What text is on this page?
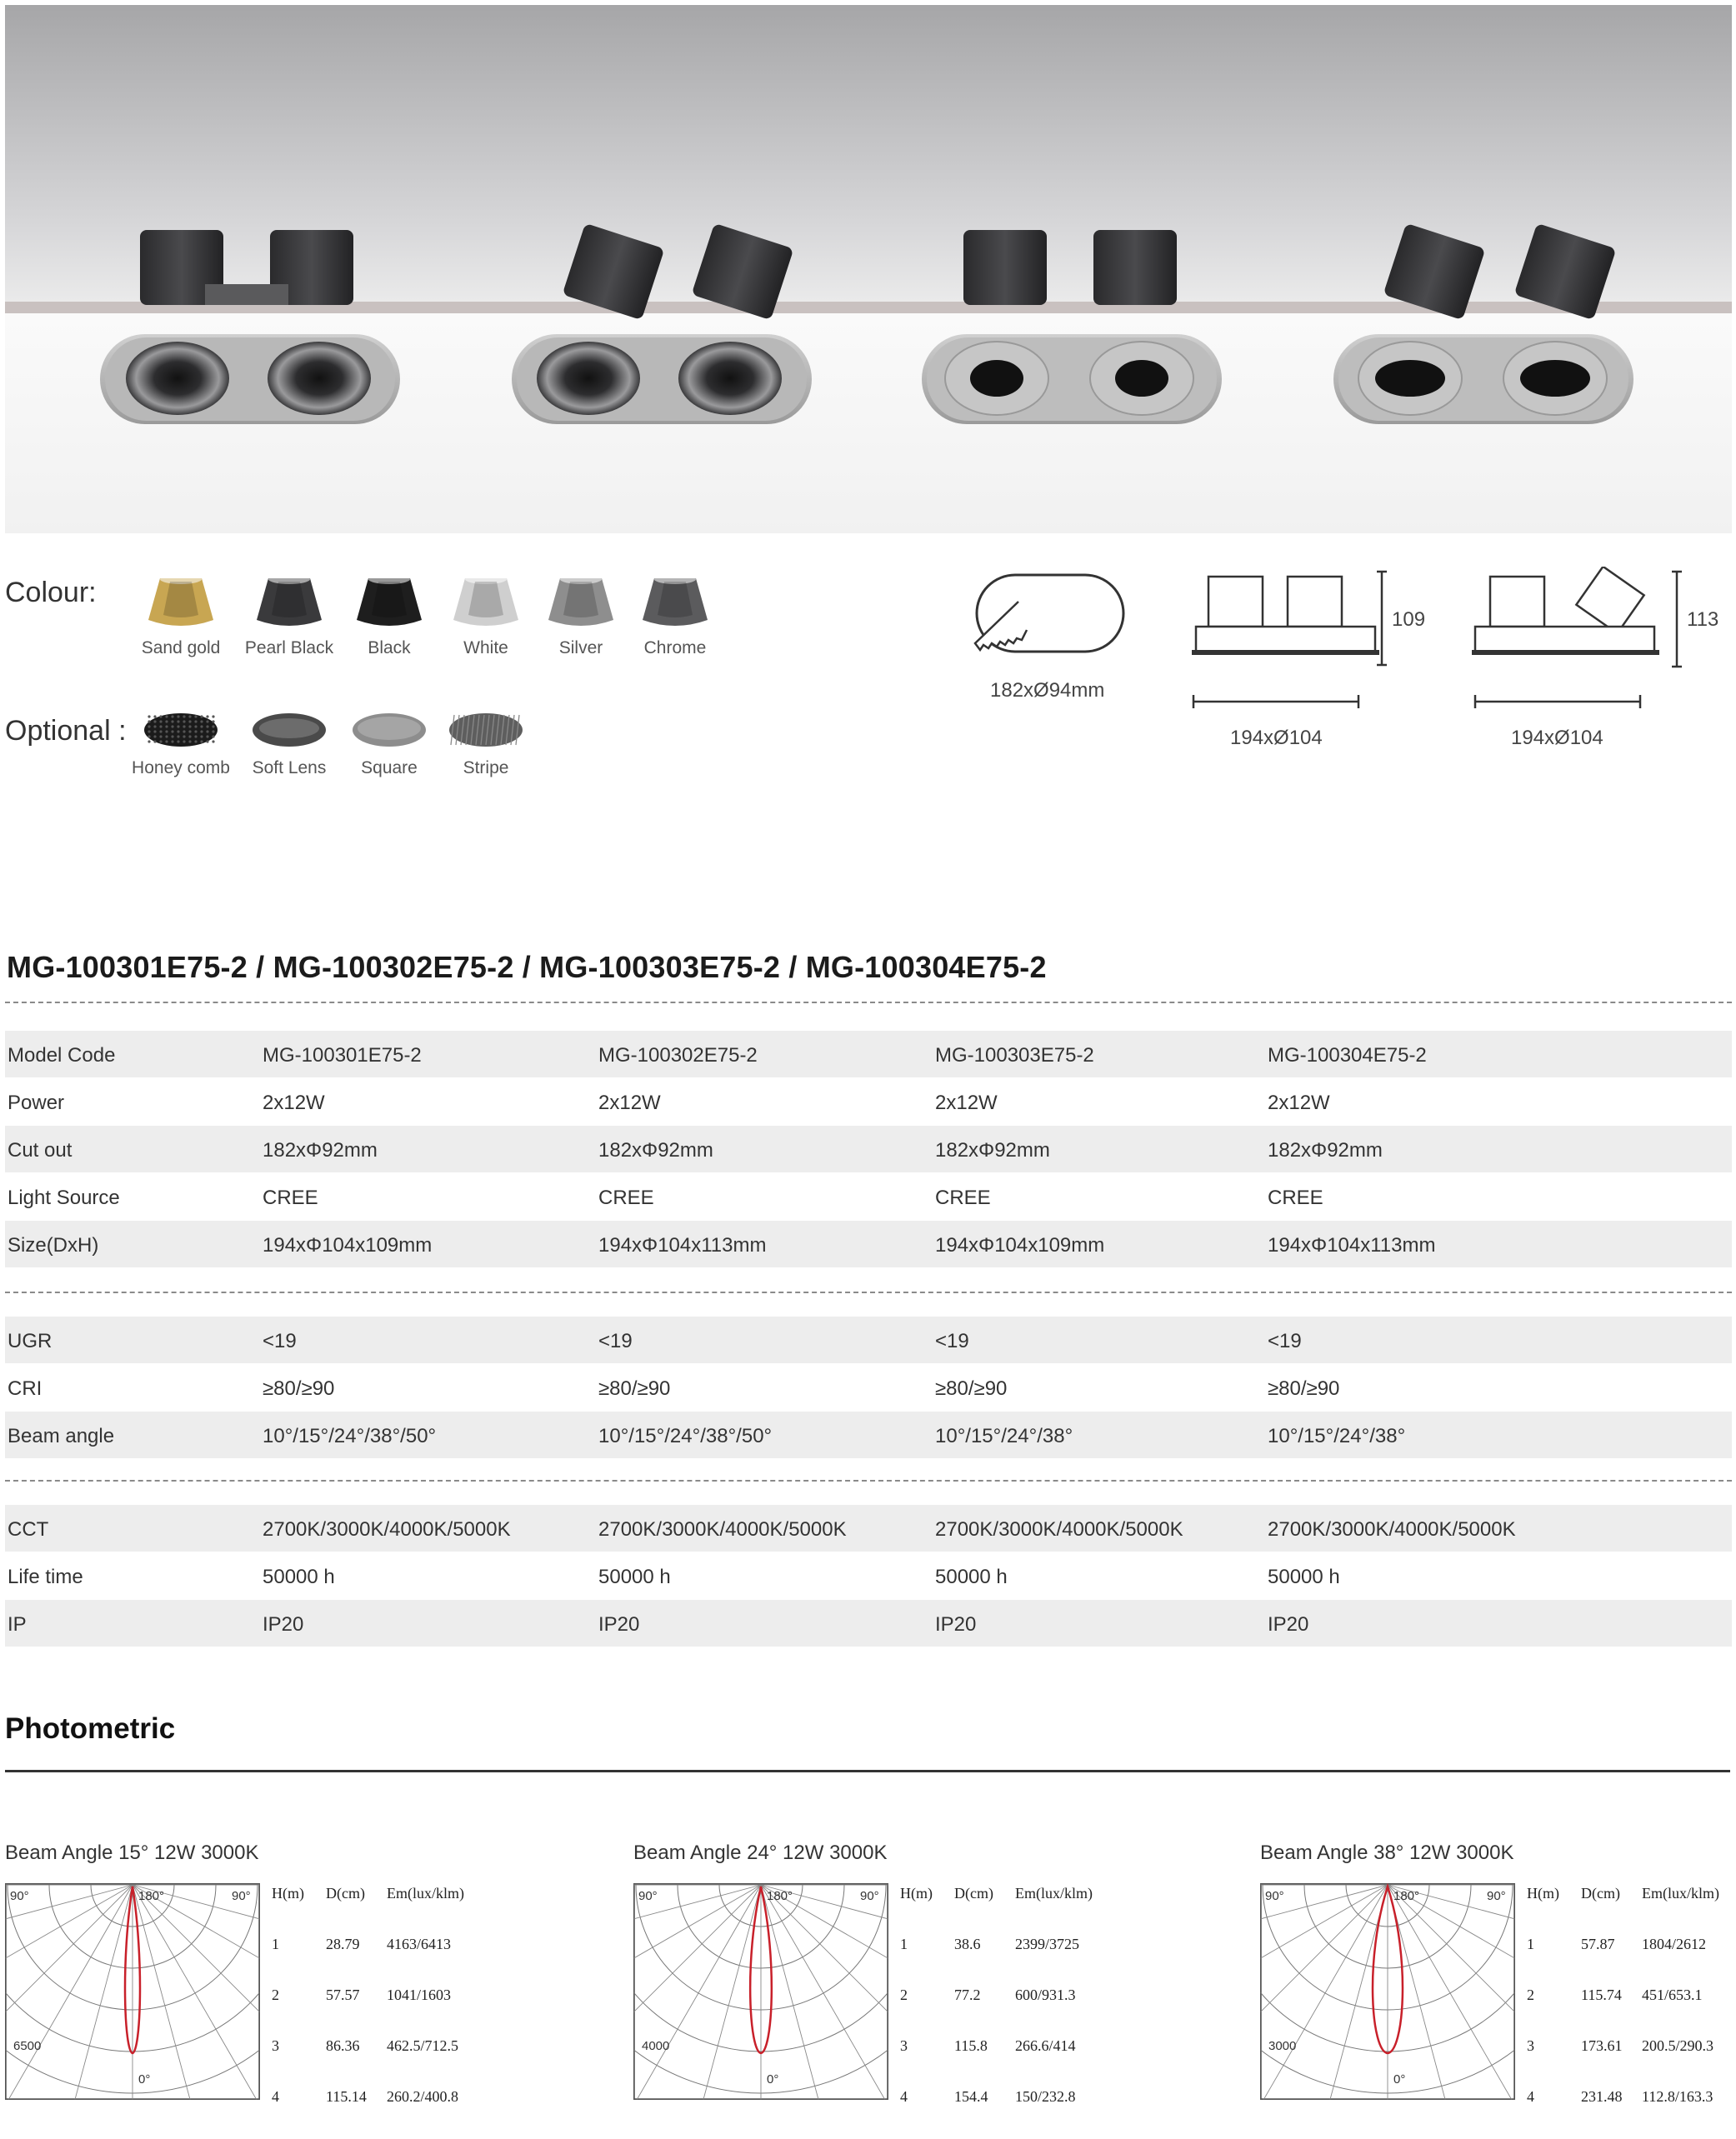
Colour:
Sand gold	Pearl Black	Black	White	Silver	Chrome
Optional :
Honey comb	Soft Lens	Square	Stripe
182xØ94mm
109
194xØ104
113
194xØ104
MG-100301E75-2 / MG-100302E75-2 / MG-100303E75-2 / MG-100304E75-2
Model Code	MG-100301E75-2	MG-100302E75-2	MG-100303E75-2	MG-100304E75-2
Power	2x12W	2x12W	2x12W	2x12W
Cut out	182xΦ92mm	182xΦ92mm	182xΦ92mm	182xΦ92mm
Light Source	CREE	CREE	CREE	CREE
Size(DxH)	194xΦ104x109mm	194xΦ104x113mm	194xΦ104x109mm	194xΦ104x113mm
UGR	<19	<19	<19	<19
CRI	≥80/≥90	≥80/≥90	≥80/≥90	≥80/≥90
Beam angle	10°/15°/24°/38°/50°	10°/15°/24°/38°/50°	10°/15°/24°/38°	10°/15°/24°/38°
CCT	2700K/3000K/4000K/5000K	2700K/3000K/4000K/5000K	2700K/3000K/4000K/5000K	2700K/3000K/4000K/5000K
Life time	50000 h	50000 h	50000 h	50000 h
IP	IP20	IP20	IP20	IP20
Photometric
Beam Angle 15° 12W 3000K
90°	180°	90°
0°
6500
H(m) D(cm) Em(lux/klm)
1	28.79 4163/6413
2	57.57 1041/1603
3	86.36 462.5/712.5
4	115.14 260.2/400.8
Beam Angle 24° 12W 3000K
90°	180°	90°
0°
4000
H(m) D(cm) Em(lux/klm)
1	38.6 2399/3725
2	77.2 600/931.3
3	115.8 266.6/414
4	154.4 150/232.8
Beam Angle 38° 12W 3000K
90°	180°	90°
0°
3000
H(m) D(cm) Em(lux/klm)
1	57.87 1804/2612
2	115.74 451/653.1
3	173.61 200.5/290.3
4	231.48 112.8/163.3
